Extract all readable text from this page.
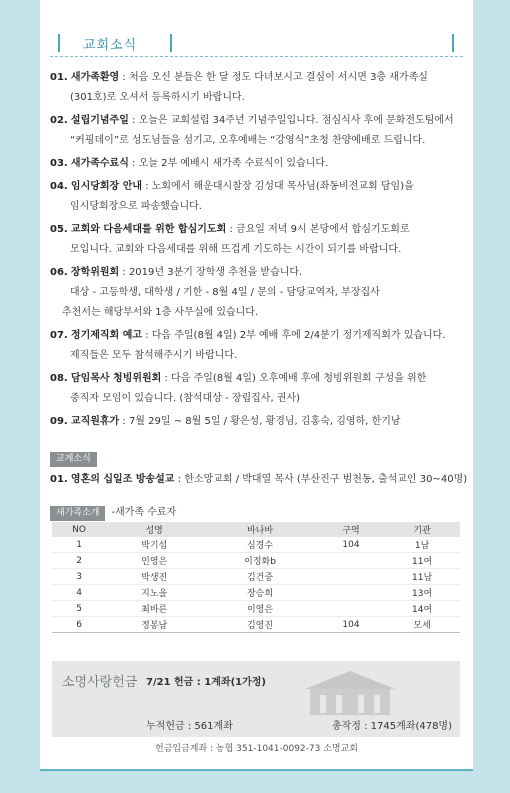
교회소식
01. 새가족환영 : 처음 오신 분들은 한 달 정도 다녀보시고 결심이 서시면 3층 새가족실
(301호)로 오셔서 등록하시기 바랍니다.
02. 설립기념주일 : 오늘은 교회설립 34주년 기념주일입니다. 점심식사 후에 문화전도팀에서
“커핑데이”로 성도님들을 섬기고, 오후예배는 “강영식”초청 찬양예배로 드립니다.
03. 새가족수료식 : 오늘 2부 예배시 새가족 수료식이 있습니다.
04. 임시당회장 안내 : 노회에서 해운대시찰장 김성대 목사님(좌동비전교회 담임)을
임시당회장으로 파송했습니다.
05. 교회와 다음세대를 위한 합심기도회 : 금요일 저녁 9시 본당에서 합심기도회로
모입니다. 교회와 다음세대를 위해 뜨겁게 기도하는 시간이 되기를 바랍니다.
06. 장학위원회 : 2019년 3분기 장학생 추천을 받습니다.
대상 - 고등학생, 대학생 / 기한 - 8월 4일 / 문의 - 담당교역자, 부장집사
추천서는 해당부서와 1층 사무실에 있습니다.
07. 정기제직회 예고 : 다음 주일(8월 4일) 2부 예배 후에 2/4분기 정기제직회가 있습니다.
제직들은 모두 참석해주시기 바랍니다.
08. 담임목사 청빙위원회 : 다음 주일(8월 4일) 오후예배 후에 청빙위원회 구성을 위한
중직자 모임이 있습니다. (참석대상 - 장립집사, 권사)
09. 교직원휴가 : 7월 29일 ~ 8월 5일 / 황은성, 황경님, 김홍숙, 김영하, 한기남
교계소식
01. 영혼의 십일조 방송설교 : 한소망교회 / 박대열 목사 (부산진구 범천동, 출석교인 30~40명)
새가족소개 -새가족 수료자
NO	성명	바나바	구역	기관
1	박기섭	심경수	104	1남
2	민영은	이정화b		11여
3	박생진	김건중		11남
4	지노을	장승희		13여
5	최바른	이영은		14여
6	정봉남	김영진	104	모세
소명사랑헌금 7/21 헌금 : 1계좌(1가정)
누적헌금 : 561계좌	총작정 : 1745계좌(478명)
헌금입금계좌 : 농협 351-1041-0092-73 소명교회
